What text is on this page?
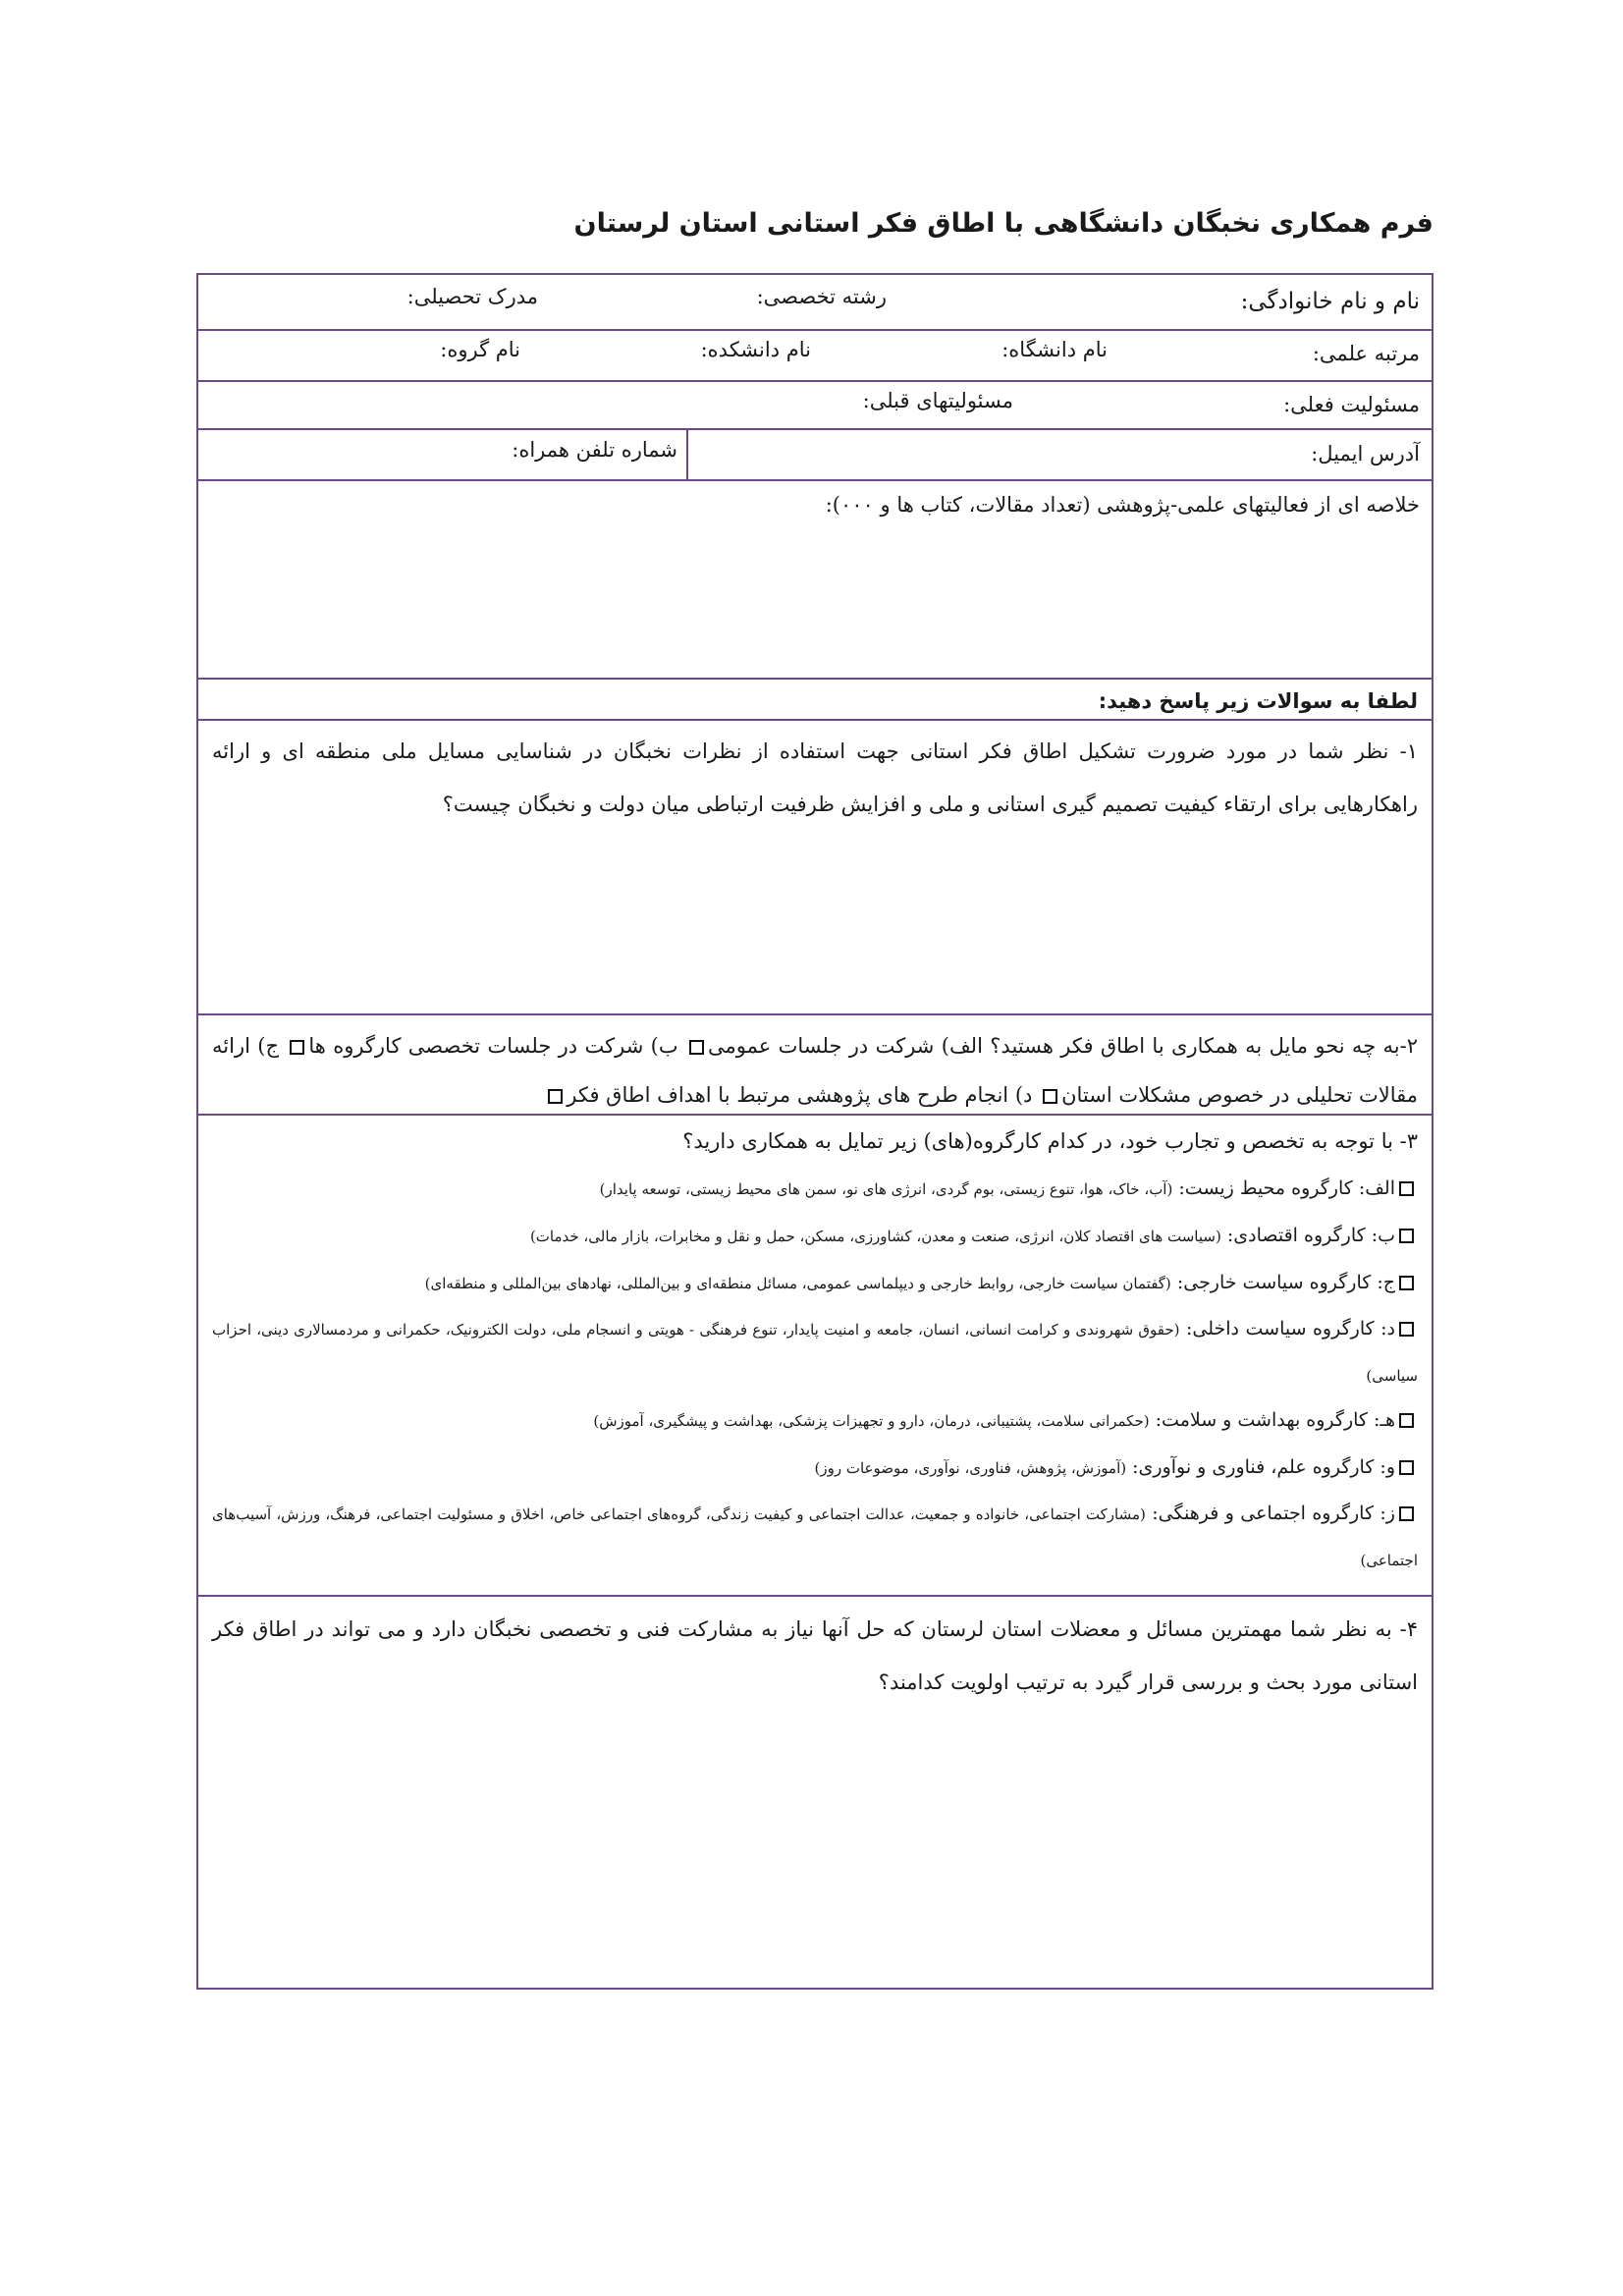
فرم همکاری نخبگان دانشگاهی با اطاق فکر استانی استان لرستان
نام و نام خانوادگی:
رشته تخصصی:
مدرک تحصیلی:
مرتبه علمی:
نام دانشگاه:
نام دانشکده:
نام گروه:
مسئولیت فعلی:
مسئولیتهای قبلی:
آدرس ایمیل:
شماره تلفن همراه:
خلاصه ای از فعالیتهای علمی-پژوهشی (تعداد مقالات، کتاب ها و ۰۰۰):
لطفا به سوالات زیر پاسخ دهید:
۱- نظر شما در مورد ضرورت تشکیل اطاق فکر استانی جهت استفاده از نظرات نخبگان در شناسایی مسایل ملی منطقه ای و ارائه راهکارهایی برای ارتقاء کیفیت تصمیم گیری استانی و ملی و افزایش ظرفیت ارتباطی میان دولت و نخبگان چیست؟
۲-به چه نحو مایل به همکاری با اطاق فکر هستید؟ الف) شرکت در جلسات عمومی ب) شرکت در جلسات تخصصی کارگروه ها ج) ارائه مقالات تحلیلی در خصوص مشکلات استان د) انجام طرح های پژوهشی مرتبط با اهداف اطاق فکر
۳- با توجه به تخصص و تجارب خود، در کدام کارگروه(های) زیر تمایل به همکاری دارید؟
الف: کارگروه محیط زیست: (آب، خاک، هوا، تنوع زیستی، بوم گردی، انرژی های نو، سمن های محیط زیستی، توسعه پایدار)
ب: کارگروه اقتصادی: (سیاست های اقتصاد کلان، انرژی، صنعت و معدن، کشاورزی، مسکن، حمل و نقل و مخابرات، بازار مالی، خدمات)
ج: کارگروه سیاست خارجی: (گفتمان سیاست خارجی، روابط خارجی و دیپلماسی عمومی، مسائل منطقه‌ای و بین‌المللی، نهادهای بین‌المللی و منطقه‌ای)
د: کارگروه سیاست داخلی: (حقوق شهروندی و کرامت انسانی، انسان، جامعه و امنیت پایدار، تنوع فرهنگی - هویتی و انسجام ملی، دولت الکترونیک، حکمرانی و مردمسالاری دینی، احزاب سیاسی)
هـ: کارگروه بهداشت و سلامت: (حکمرانی سلامت، پشتیبانی، درمان، دارو و تجهیزات پزشکی، بهداشت و پیشگیری، آموزش)
و: کارگروه علم، فناوری و نوآوری: (آموزش، پژوهش، فناوری، نوآوری، موضوعات روز)
ز: کارگروه اجتماعی و فرهنگی: (مشارکت اجتماعی، خانواده و جمعیت، عدالت اجتماعی و کیفیت زندگی، گروه‌های اجتماعی خاص، اخلاق و مسئولیت اجتماعی، فرهنگ، ورزش، آسیب‌های اجتماعی)
۴- به نظر شما مهمترین مسائل و معضلات استان لرستان که حل آنها نیاز به مشارکت فنی و تخصصی نخبگان دارد و می تواند در اطاق فکر استانی مورد بحث و بررسی قرار گیرد به ترتیب اولویت کدامند؟
